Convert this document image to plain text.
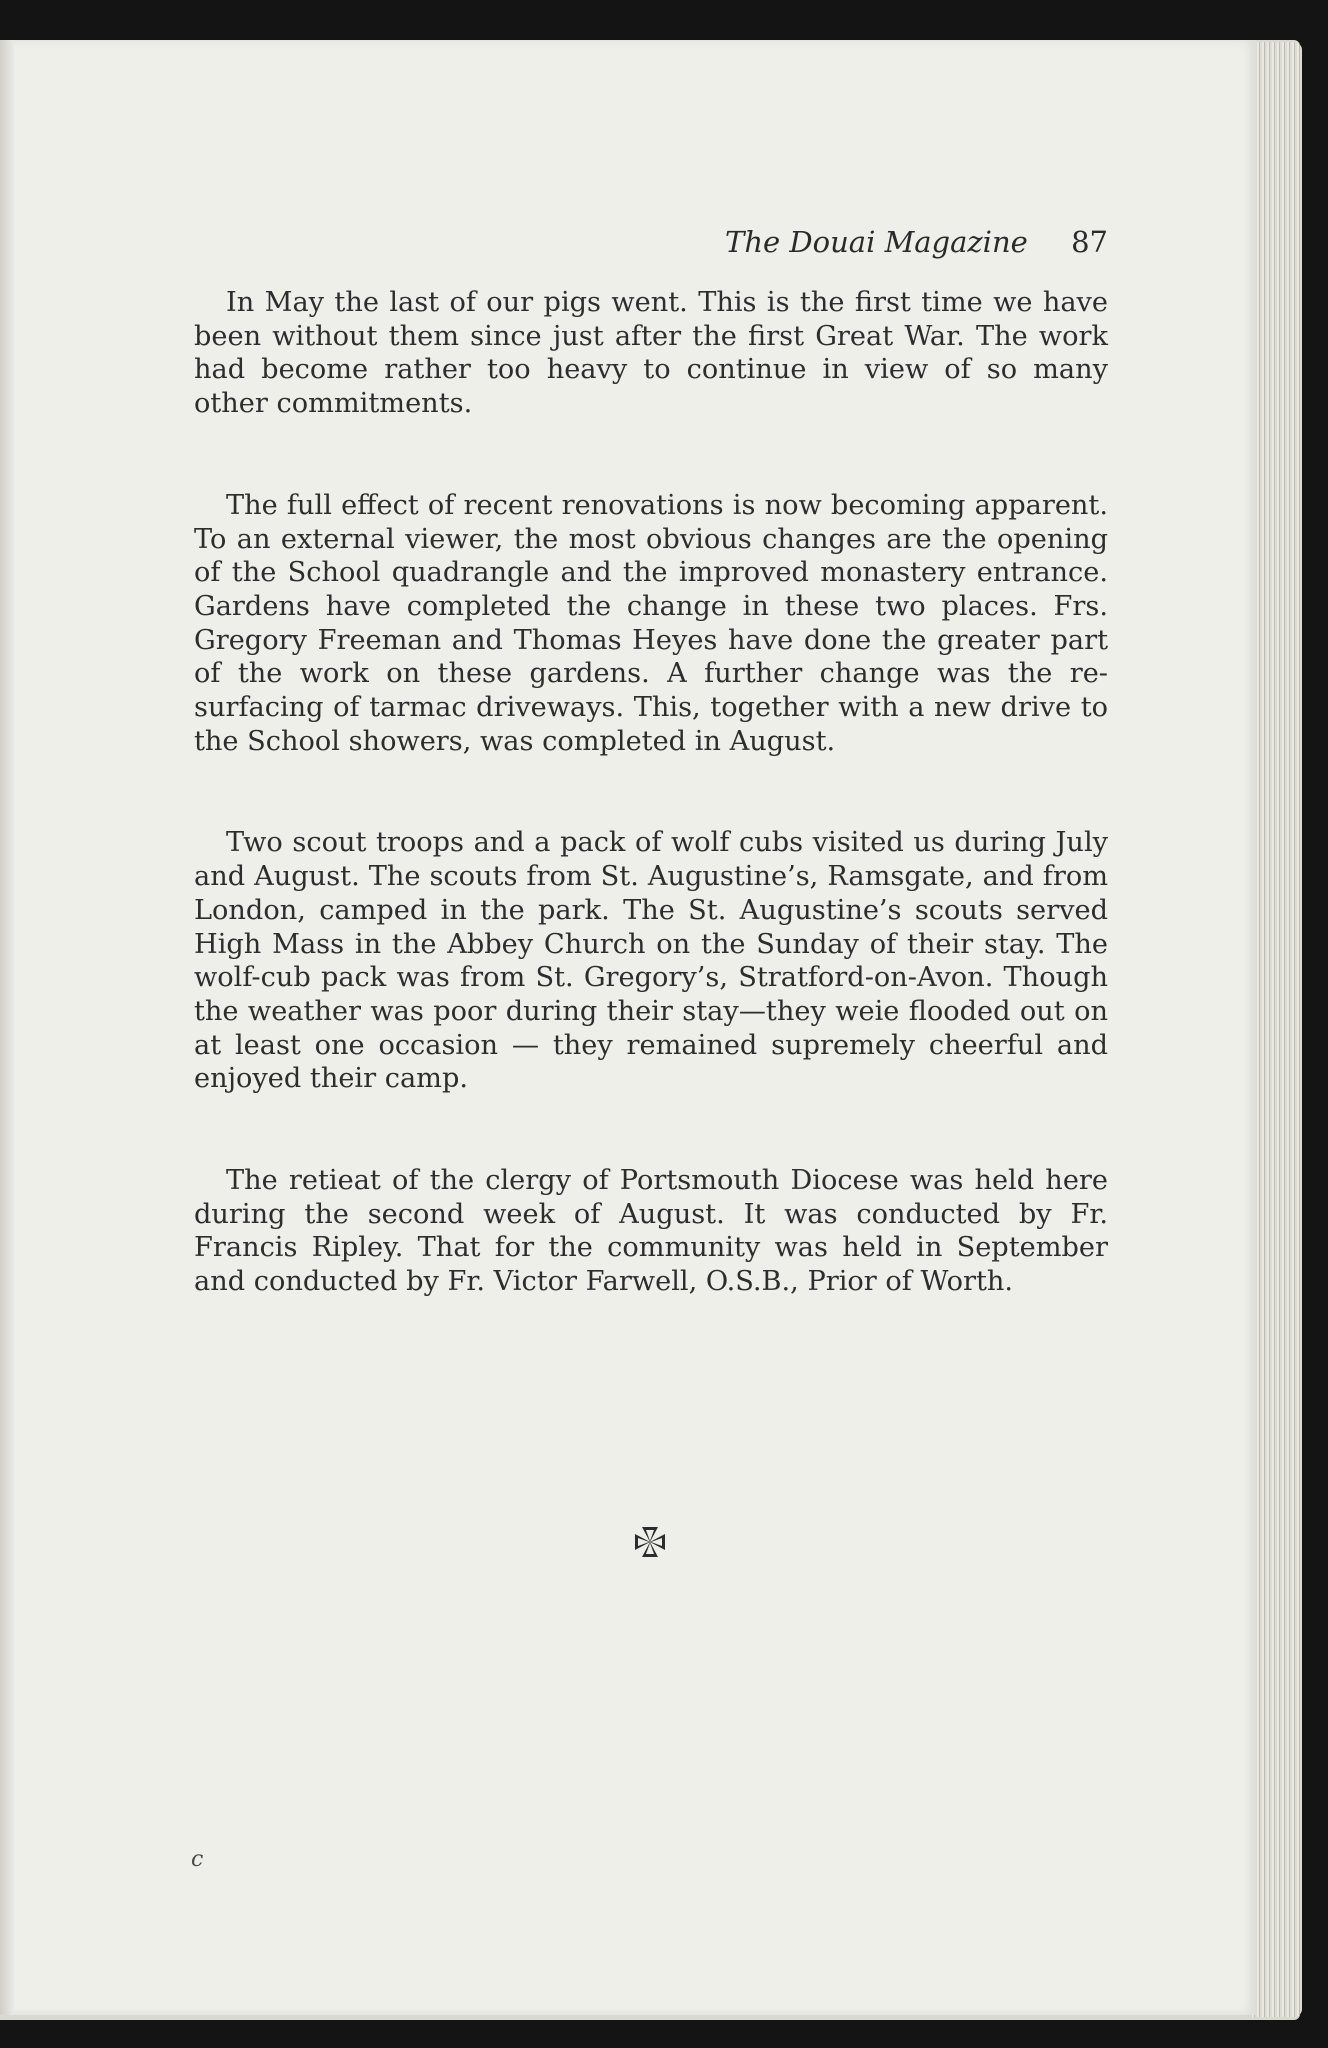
The Douai Magazine 87

In May the last of our pigs went. This is the first time we have been without them since just after the first Great War. The work had become rather too heavy to continue in view of so many other commitments.

The full effect of recent renovations is now becoming apparent. To an external viewer, the most obvious changes are the opening of the School quadrangle and the improved monastery entrance. Gardens have completed the change in these two places. Frs. Gregory Freeman and Thomas Heyes have done the greater part of the work on these gardens. A further change was the re-surfacing of tarmac driveways. This, together with a new drive to the School showers, was completed in August.

Two scout troops and a pack of wolf cubs visited us during July and August. The scouts from St. Augustine’s, Ramsgate, and from London, camped in the park. The St. Augustine’s scouts served High Mass in the Abbey Church on the Sunday of their stay. The wolf-cub pack was from St. Gregory’s, Stratford-on-Avon. Though the weather was poor during their stay—they weie flooded out on at least one occasion — they remained supremely cheerful and enjoyed their camp.

The retieat of the clergy of Portsmouth Diocese was held here during the second week of August. It was conducted by Fr. Francis Ripley. That for the community was held in September and conducted by Fr. Victor Farwell, O.S.B., Prior of Worth.

c
